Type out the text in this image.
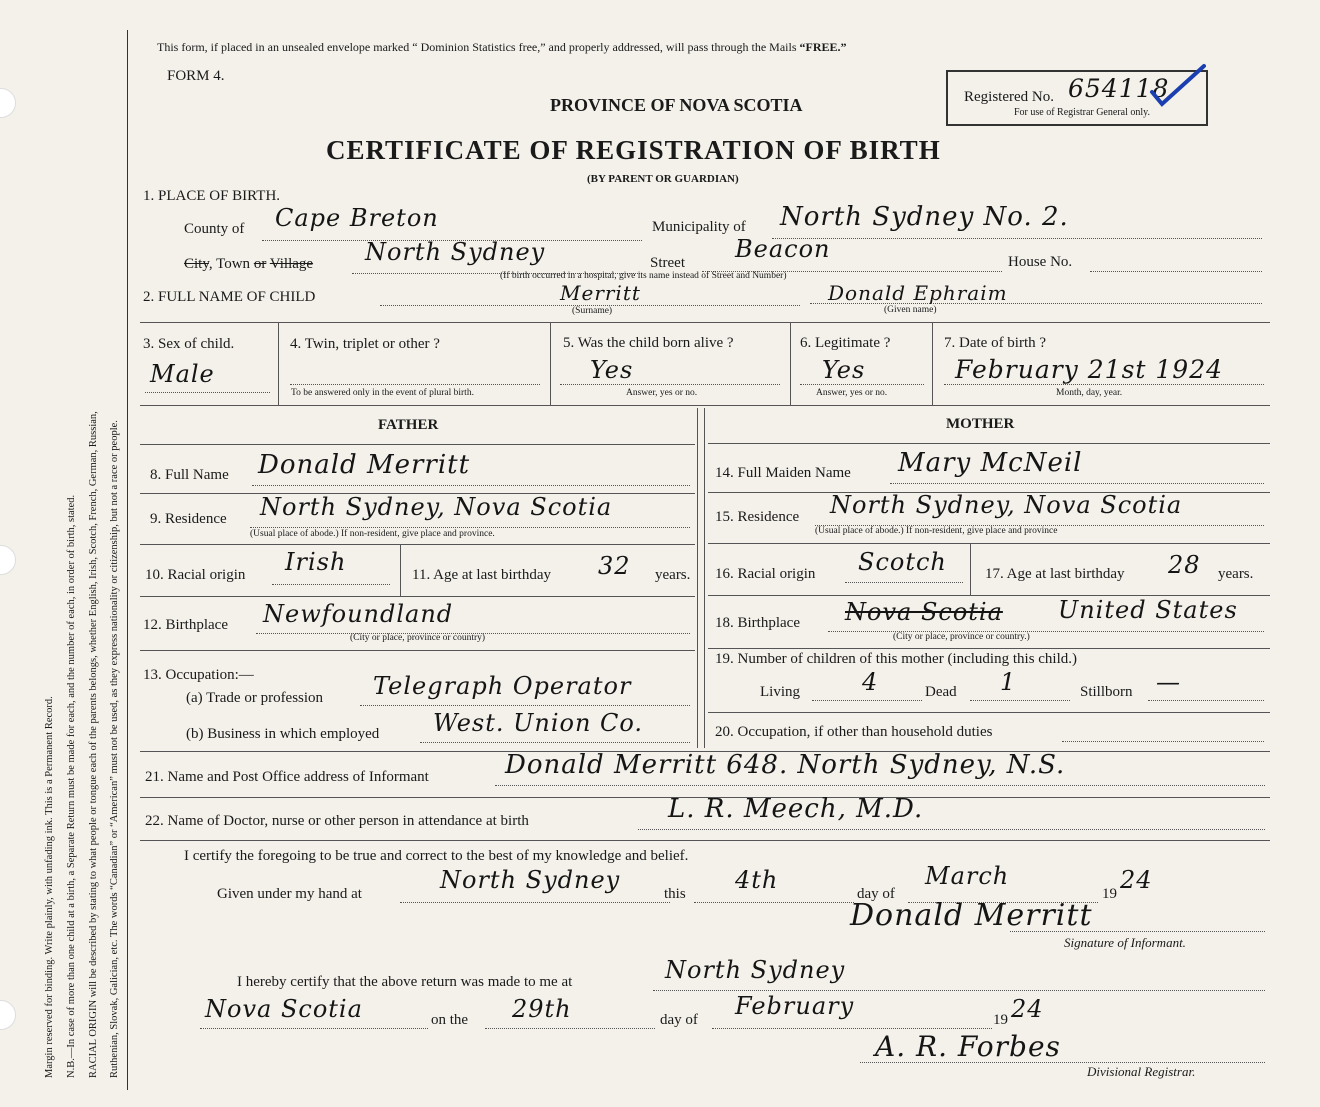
Margin reserved for binding. Write plainly, with unfading ink. This is a Permanent Record. N.B.—In case of more than one child at a birth, a Separate Return must be made for each, and the number of each, in order of birth, stated. RACIAL ORIGIN will be described by stating to what people or tongue each of the parents belongs, whether English, Irish, Scotch, French, German, Russian, Ruthenian, Slovak, Galician, etc. The words “Canadian” or “American” must not be used, as they express nationality or citizenship, but not a race or people.
This form, if placed in an unsealed envelope marked “ Dominion Statistics free,” and properly addressed, will pass through the Mails “FREE.”
FORM 4.
PROVINCE OF NOVA SCOTIA
CERTIFICATE OF REGISTRATION OF BIRTH
(BY PARENT OR GUARDIAN)
Registered No. 654118
For use of Registrar General only.
1. PLACE OF BIRTH.
County of Cape Breton	Municipality of North Sydney No. 2.
City, Town or Village North Sydney	Street Beacon	House No.
(If birth occurred in a hospital, give its name instead of Street and Number)
2. FULL NAME OF CHILD	Merritt
(Surname)
Donald Ephraim
(Given name)
3. Sex of child.
Male
4. Twin, triplet or other ?
To be answered only in the event of plural birth.
5. Was the child born alive ?
Yes
Answer, yes or no.
6. Legitimate ?
Yes
Answer, yes or no.
7. Date of birth ?
February 21st 1924
Month, day, year.
FATHER	MOTHER
8. Full Name Donald Merritt
9. Residence North Sydney, Nova Scotia
(Usual place of abode.) If non-resident, give place and province.
10. Racial origin Irish	11. Age at last birthday 32 years.
12. Birthplace Newfoundland
(City or place, province or country)
13. Occupation:—
(a) Trade or profession Telegraph Operator
(b) Business in which employed West. Union Co.
14. Full Maiden Name Mary McNeil
15. Residence North Sydney, Nova Scotia
(Usual place of abode.) If non-resident, give place and province
16. Racial origin Scotch	17. Age at last birthday 28 years.
18. Birthplace Nova Scotia United States
(City or place, province or country.)
19. Number of children of this mother (including this child.)
Living	4	Dead 1	Stillborn —
20. Occupation, if other than household duties
21. Name and Post Office address of Informant	Donald Merritt 648. North Sydney, N.S.
22. Name of Doctor, nurse or other person in attendance at birth	L. R. Meech, M.D.
I certify the foregoing to be true and correct to the best of my knowledge and belief.
Given under my hand at	North Sydney	this 4th	day of
March
19 24
Donald Merritt
Signature of Informant.
I hereby certify that the above return was made to me at	North Sydney
Nova Scotia	on the 29th	day of February	19 24
A. R. Forbes
Divisional Registrar.
